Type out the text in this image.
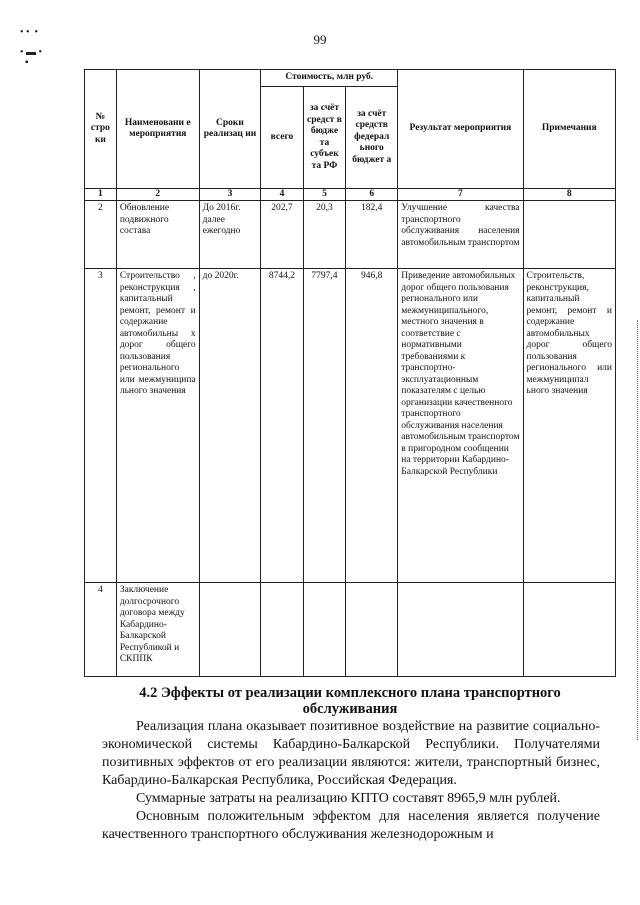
• •  •

• ▬ •
▪
99
№ стро ки	Наименовани е мероприятия	Сроки реализац ии	Стоимость, млн руб.			Результат мероприятия	Примечания
			всего	за счёт средст в бюдже та субъек та РФ	за счёт средств федерал ьного бюджет а		
1	2	3	4	5	6	7	8
2	Обновление подвижного состава	До 2016г. далее ежегодно	202,7	20,3	182,4	Улучшение качества транспортного обслуживания населения автомобильным транспортом	
3	Строительство , реконструкция , капитальный ремонт, ремонт и содержание автомобильны х дорог общего пользования регионального или межмуниципа льного значения	до 2020г.	8744,2	7797,4	946,8	Приведение автомобильных дорог общего пользования регионального или межмуниципального, местного значения в соответствие с нормативными требованиями к транспортно-эксплуатационным показателям с целью организации качественного транспортного обслуживания населения автомобильным транспортом в пригородном сообщении на территории Кабардино-Балкарской Республики	Строительств, реконструкция, капитальный ремонт, ремонт и содержание автомобильных дорог общего пользования регионального или межмуниципал ьного значения
4	Заключение долгосрочного договора между Кабардино-Балкарской Республикой и СКППК						
4.2 Эффекты от реализации комплексного плана транспортного обслуживания

Реализация плана оказывает позитивное воздействие на развитие социально-экономической системы Кабардино-Балкарской Республики. Получателями позитивных эффектов от его реализации являются: жители, транспортный бизнес, Кабардино-Балкарская Республика, Российская Федерация.

Суммарные затраты на реализацию КПТО составят 8965,9 млн рублей.

Основным положительным эффектом для населения является получение качественного транспортного обслуживания железнодорожным и
